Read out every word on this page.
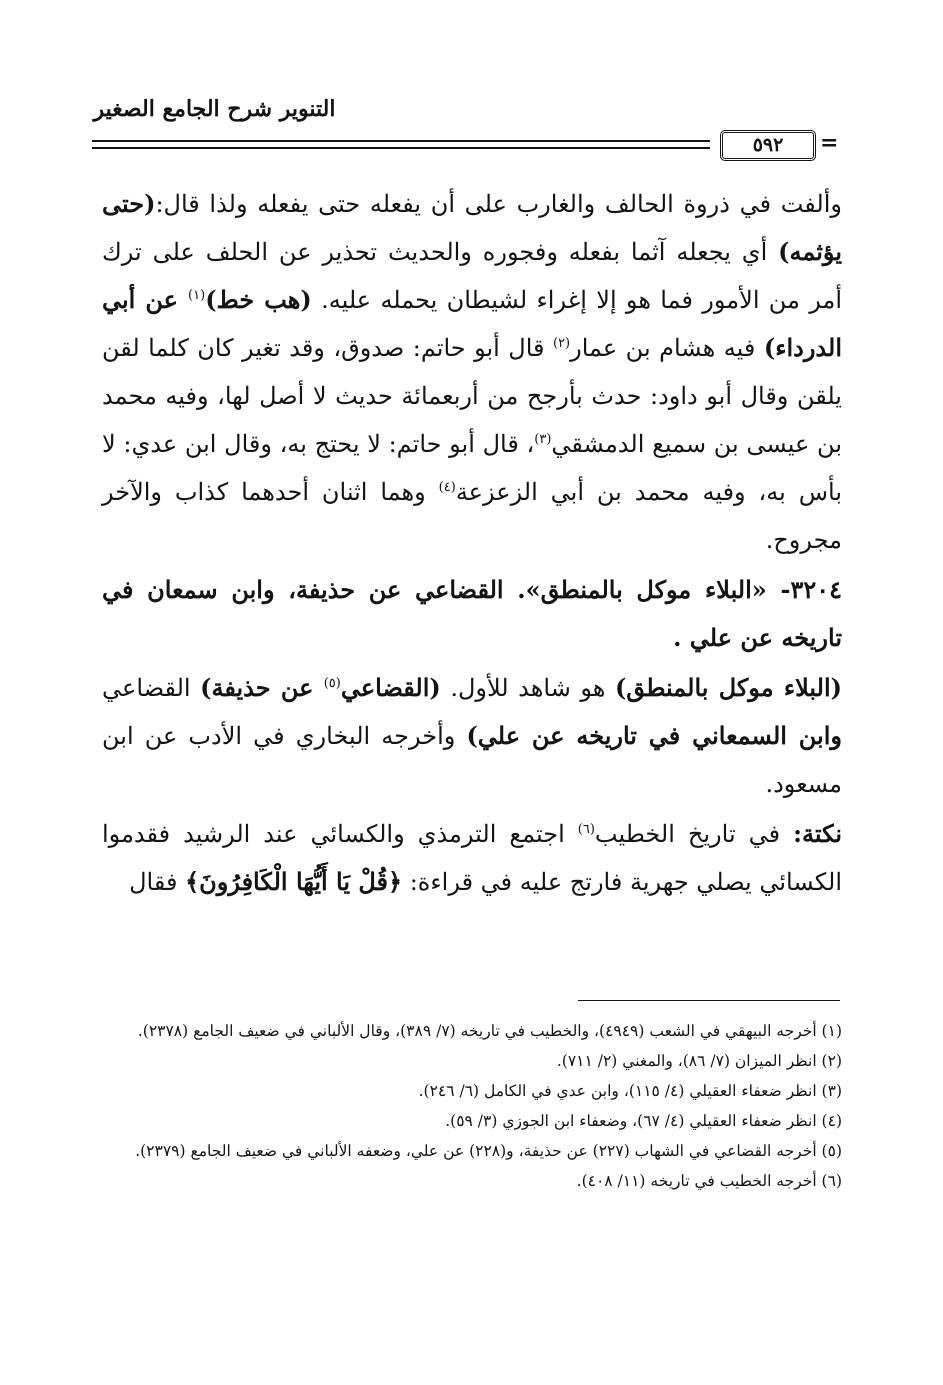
التنوير شرح الجامع الصغير
٥٩٢	=

وألفت في ذروة الحالف والغارب على أن يفعله حتى يفعله ولذا قال:(حتى يؤثمه) أي يجعله آثما بفعله وفجوره والحديث تحذير عن الحلف على ترك أمر من الأمور فما هو إلا إغراء لشيطان يحمله عليه. (هب خط)$^{(١)}$ عن أبي الدرداء) فيه هشام بن عمار$^{(٢)}$ قال أبو حاتم: صدوق، وقد تغير كان كلما لقن يلقن وقال أبو داود: حدث بأرجح من أربعمائة حديث لا أصل لها، وفيه محمد بن عيسى بن سميع الدمشقي$^{(٣)}$، قال أبو حاتم: لا يحتج به، وقال ابن عدي: لا بأس به، وفيه محمد بن أبي الزعزعة$^{(٤)}$ وهما اثنان أحدهما كذاب والآخر مجروح.

٣٢٠٤- «البلاء موكل بالمنطق». القضاعي عن حذيفة، وابن سمعان في تاريخه عن علي .

(البلاء موكل بالمنطق) هو شاهد للأول. (القضاعي$^{(٥)}$ عن حذيفة) القضاعي وابن السمعاني في تاريخه عن علي) وأخرجه البخاري في الأدب عن ابن مسعود.

نكتة: في تاريخ الخطيب$^{(٦)}$ اجتمع الترمذي والكسائي عند الرشيد فقدموا الكسائي يصلي جهرية فارتج عليه في قراءة: ﴿قُلْ يَا أَيُّهَا الْكَافِرُونَ﴾ فقال

(١) أخرجه البيهقي في الشعب (٤٩٤٩)، والخطيب في تاريخه (٧/ ٣٨٩)، وقال الألباني في ضعيف الجامع (٢٣٧٨).

(٢) انظر الميزان (٧/ ٨٦)، والمغني (٢/ ٧١١).

(٣) انظر ضعفاء العقيلي (٤/ ١١٥)، وابن عدي في الكامل (٦/ ٢٤٦).

(٤) انظر ضعفاء العقيلي (٤/ ٦٧)، وضعفاء ابن الجوزي (٣/ ٥٩).

(٥) أخرجه القضاعي في الشهاب (٢٢٧) عن حذيفة، و(٢٢٨) عن علي، وضعفه الألباني في ضعيف الجامع (٢٣٧٩).

(٦) أخرجه الخطيب في تاريخه (١١/ ٤٠٨).
